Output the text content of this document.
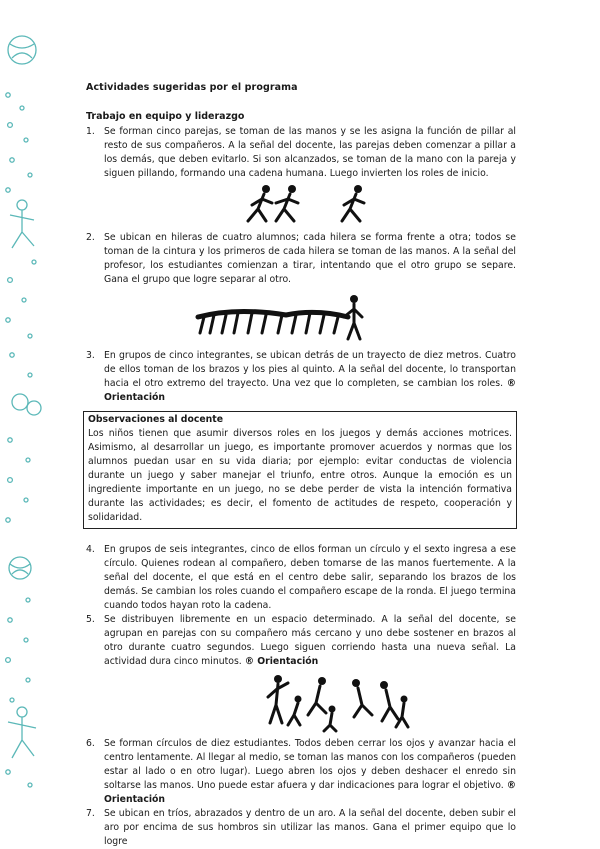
Actividades sugeridas por el programa
Trabajo en equipo y liderazgo
1. Se forman cinco parejas, se toman de las manos y se les asigna la función de pillar al resto de sus compañeros. A la señal del docente, las parejas deben comenzar a pillar a los demás, que deben evitarlo. Si son alcanzados, se toman de la mano con la pareja y siguen pillando, formando una cadena humana. Luego invierten los roles de inicio.
2. Se ubican en hileras de cuatro alumnos; cada hilera se forma frente a otra; todos se toman de la cintura y los primeros de cada hilera se toman de las manos. A la señal del profesor, los estudiantes comienzan a tirar, intentando que el otro grupo se separe. Gana el grupo que logre separar al otro.
3. En grupos de cinco integrantes, se ubican detrás de un trayecto de diez metros. Cuatro de ellos toman de los brazos y los pies al quinto. A la señal del docente, lo transportan hacia el otro extremo del trayecto. Una vez que lo completen, se cambian los roles. ® Orientación
Observaciones al docente
Los niños tienen que asumir diversos roles en los juegos y demás acciones motrices. Asimismo, al desarrollar un juego, es importante promover acuerdos y normas que los alumnos puedan usar en su vida diaria; por ejemplo: evitar conductas de violencia durante un juego y saber manejar el triunfo, entre otros. Aunque la emoción es un ingrediente importante en un juego, no se debe perder de vista la intención formativa durante las actividades; es decir, el fomento de actitudes de respeto, cooperación y solidaridad.
4. En grupos de seis integrantes, cinco de ellos forman un círculo y el sexto ingresa a ese círculo. Quienes rodean al compañero, deben tomarse de las manos fuertemente. A la señal del docente, el que está en el centro debe salir, separando los brazos de los demás. Se cambian los roles cuando el compañero escape de la ronda. El juego termina cuando todos hayan roto la cadena.
5. Se distribuyen libremente en un espacio determinado. A la señal del docente, se agrupan en parejas con su compañero más cercano y uno debe sostener en brazos al otro durante cuatro segundos. Luego siguen corriendo hasta una nueva señal. La actividad dura cinco minutos. ® Orientación
6. Se forman círculos de diez estudiantes. Todos deben cerrar los ojos y avanzar hacia el centro lentamente. Al llegar al medio, se toman las manos con los compañeros (pueden estar al lado o en otro lugar). Luego abren los ojos y deben deshacer el enredo sin soltarse las manos. Uno puede estar afuera y dar indicaciones para lograr el objetivo. ® Orientación
7. Se ubican en tríos, abrazados y dentro de un aro. A la señal del docente, deben subir el aro por encima de sus hombros sin utilizar las manos. Gana el primer equipo que lo logre
